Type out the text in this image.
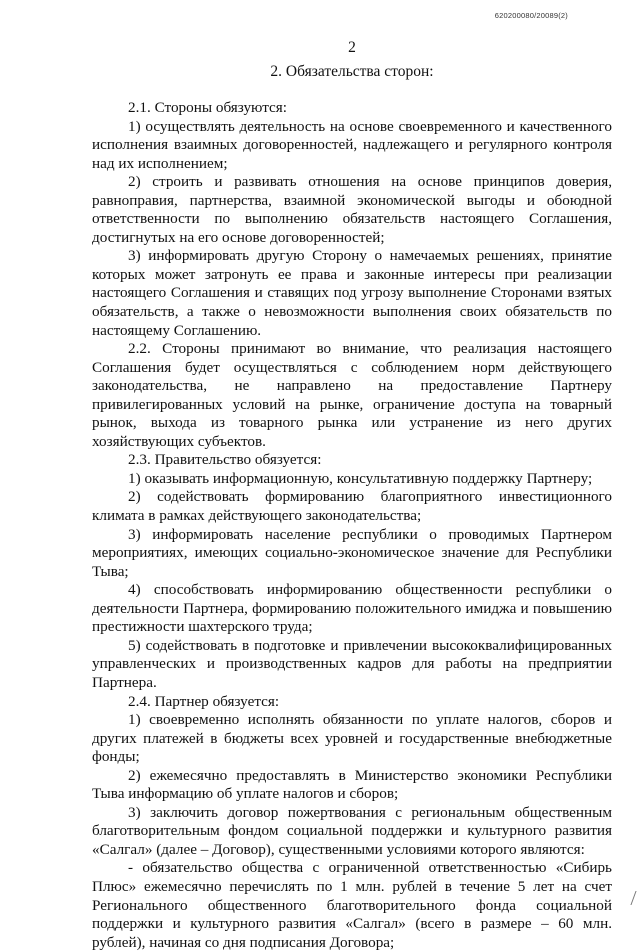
620200080/20089(2)
2
2. Обязательства сторон:

2.1. Стороны обязуются:

1) осуществлять деятельность на основе своевременного и качественного исполнения взаимных договоренностей, надлежащего и регулярного контроля над их исполнением;

2) строить и развивать отношения на основе принципов доверия, равноправия, партнерства, взаимной экономической выгоды и обоюдной ответственности по выполнению обязательств настоящего Соглашения, достигнутых на его основе договоренностей;

3) информировать другую Сторону о намечаемых решениях, принятие которых может затронуть ее права и законные интересы при реализации настоящего Соглашения и ставящих под угрозу выполнение Сторонами взятых обязательств, а также о невозможности выполнения своих обязательств по настоящему Соглашению.

2.2. Стороны принимают во внимание, что реализация настоящего Соглашения будет осуществляться с соблюдением норм действующего законодательства, не направлено на предоставление Партнеру привилегированных условий на рынке, ограничение доступа на товарный рынок, выхода из товарного рынка или устранение из него других хозяйствующих субъектов.

2.3. Правительство обязуется:

1) оказывать информационную, консультативную поддержку Партнеру;

2) содействовать формированию благоприятного инвестиционного климата в рамках действующего законодательства;

3) информировать население республики о проводимых Партнером мероприятиях, имеющих социально-экономическое значение для Республики Тыва;

4) способствовать информированию общественности республики о деятельности Партнера, формированию положительного имиджа и повышению престижности шахтерского труда;

5) содействовать в подготовке и привлечении высококвалифицированных управленческих и производственных кадров для работы на предприятии Партнера.

2.4. Партнер обязуется:

1) своевременно исполнять обязанности по уплате налогов, сборов и других платежей в бюджеты всех уровней и государственные внебюджетные фонды;

2) ежемесячно предоставлять в Министерство экономики Республики Тыва информацию об уплате налогов и сборов;

3) заключить договор пожертвования с региональным общественным благотворительным фондом социальной поддержки и культурного развития «Салгал» (далее – Договор), существенными условиями которого являются:

- обязательство общества с ограниченной ответственностью «Сибирь Плюс» ежемесячно перечислять по 1 млн. рублей в течение 5 лет на счет Регионального общественного благотворительного фонда социальной поддержки и культурного развития «Салгал» (всего в размере – 60 млн. рублей), начиная со дня подписания Договора;
